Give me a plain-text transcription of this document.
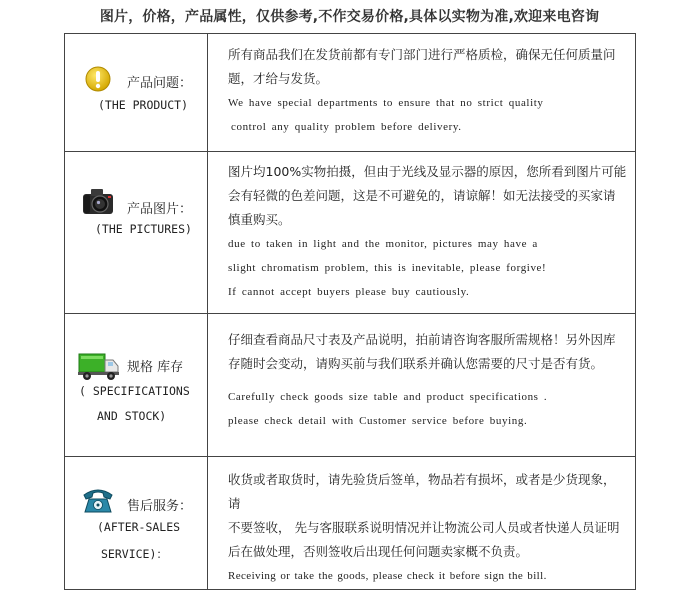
图片，价格，产品属性，仅供参考,不作交易价格,具体以实物为准,欢迎来电咨询
产品问题：
(THE PRODUCT)

所有商品我们在发货前都有专门部门进行严格质检，确保无任何质量问

题，才给与发货。

We have special departments to ensure that no strict quality

control any quality problem before delivery.

产品图片：
(THE PICTURES)

图片均100%实物拍摄，但由于光线及显示器的原因，您所看到图片可能

会有轻微的色差问题，这是不可避免的，请谅解！如无法接受的买家请

慎重购买。

due to taken in light and the monitor, pictures may have a

slight chromatism problem, this is inevitable, please forgive!

If cannot accept buyers please buy cautiously.

规格 库存
( SPECIFICATIONS
AND STOCK)

仔细查看商品尺寸表及产品说明，拍前请咨询客服所需规格！另外因库

存随时会变动，请购买前与我们联系并确认您需要的尺寸是否有货。

Carefully check goods size table and product specifications .

please check detail with Customer service before buying.

售后服务：
(AFTER-SALES
SERVICE)：

收货或者取货时，请先验货后签单，物品若有损坏，或者是少货现象，请

不要签收， 先与客服联系说明情况并让物流公司人员或者快递人员证明

后在做处理，否则签收后出现任何问题卖家概不负责。

Receiving or take the goods, please check it before sign the bill.
